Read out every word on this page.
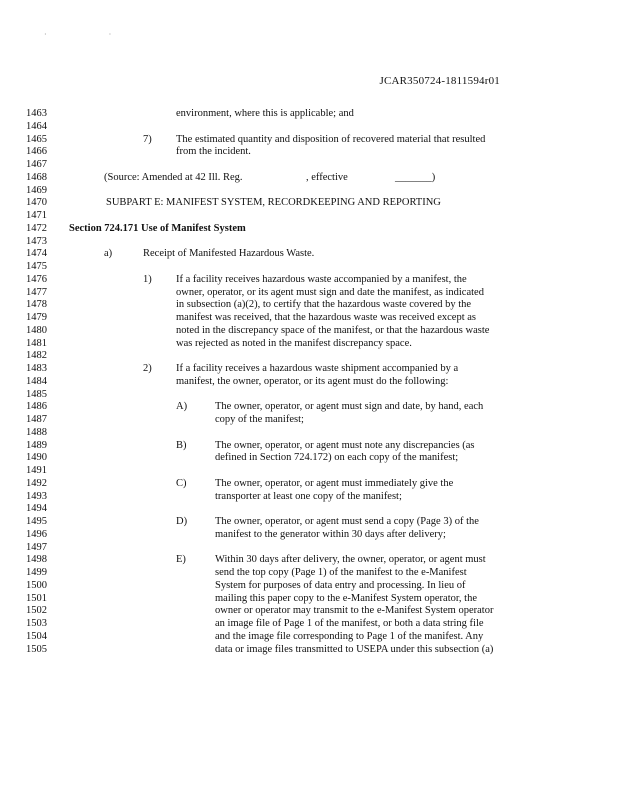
· ·
JCAR350724-1811594r01
1463	environment, where this is applicable; and
1464
1465	7) The estimated quantity and disposition of recovered material that resulted
1466	from the incident.
1467
1468	(Source: Amended at 42 Ill. Reg.	, effective	_______)
1469
1470	SUBPART E: MANIFEST SYSTEM, RECORDKEEPING AND REPORTING
1471
1472 Section 724.171 Use of Manifest System
1473
1474	a)	Receipt of Manifested Hazardous Waste.
1475
1476	1) If a facility receives hazardous waste accompanied by a manifest, the
1477	owner, operator, or its agent must sign and date the manifest, as indicated
1478	in subsection (a)(2), to certify that the hazardous waste covered by the
1479	manifest was received, that the hazardous waste was received except as
1480	noted in the discrepancy space of the manifest, or that the hazardous waste
1481	was rejected as noted in the manifest discrepancy space.
1482
1483	2) If a facility receives a hazardous waste shipment accompanied by a
1484	manifest, the owner, operator, or its agent must do the following:
1485
1486	A)	The owner, operator, or agent must sign and date, by hand, each
1487	copy of the manifest;
1488
1489	B)	The owner, operator, or agent must note any discrepancies (as
1490	defined in Section 724.172) on each copy of the manifest;
1491
1492	C)	The owner, operator, or agent must immediately give the
1493	transporter at least one copy of the manifest;
1494
1495	D)	The owner, operator, or agent must send a copy (Page 3) of the
1496	manifest to the generator within 30 days after delivery;
1497
1498	E)	Within 30 days after delivery, the owner, operator, or agent must
1499	send the top copy (Page 1) of the manifest to the e-Manifest
1500	System for purposes of data entry and processing. In lieu of
1501	mailing this paper copy to the e-Manifest System operator, the
1502	owner or operator may transmit to the e-Manifest System operator
1503	an image file of Page 1 of the manifest, or both a data string file
1504	and the image file corresponding to Page 1 of the manifest. Any
1505	data or image files transmitted to USEPA under this subsection (a)
